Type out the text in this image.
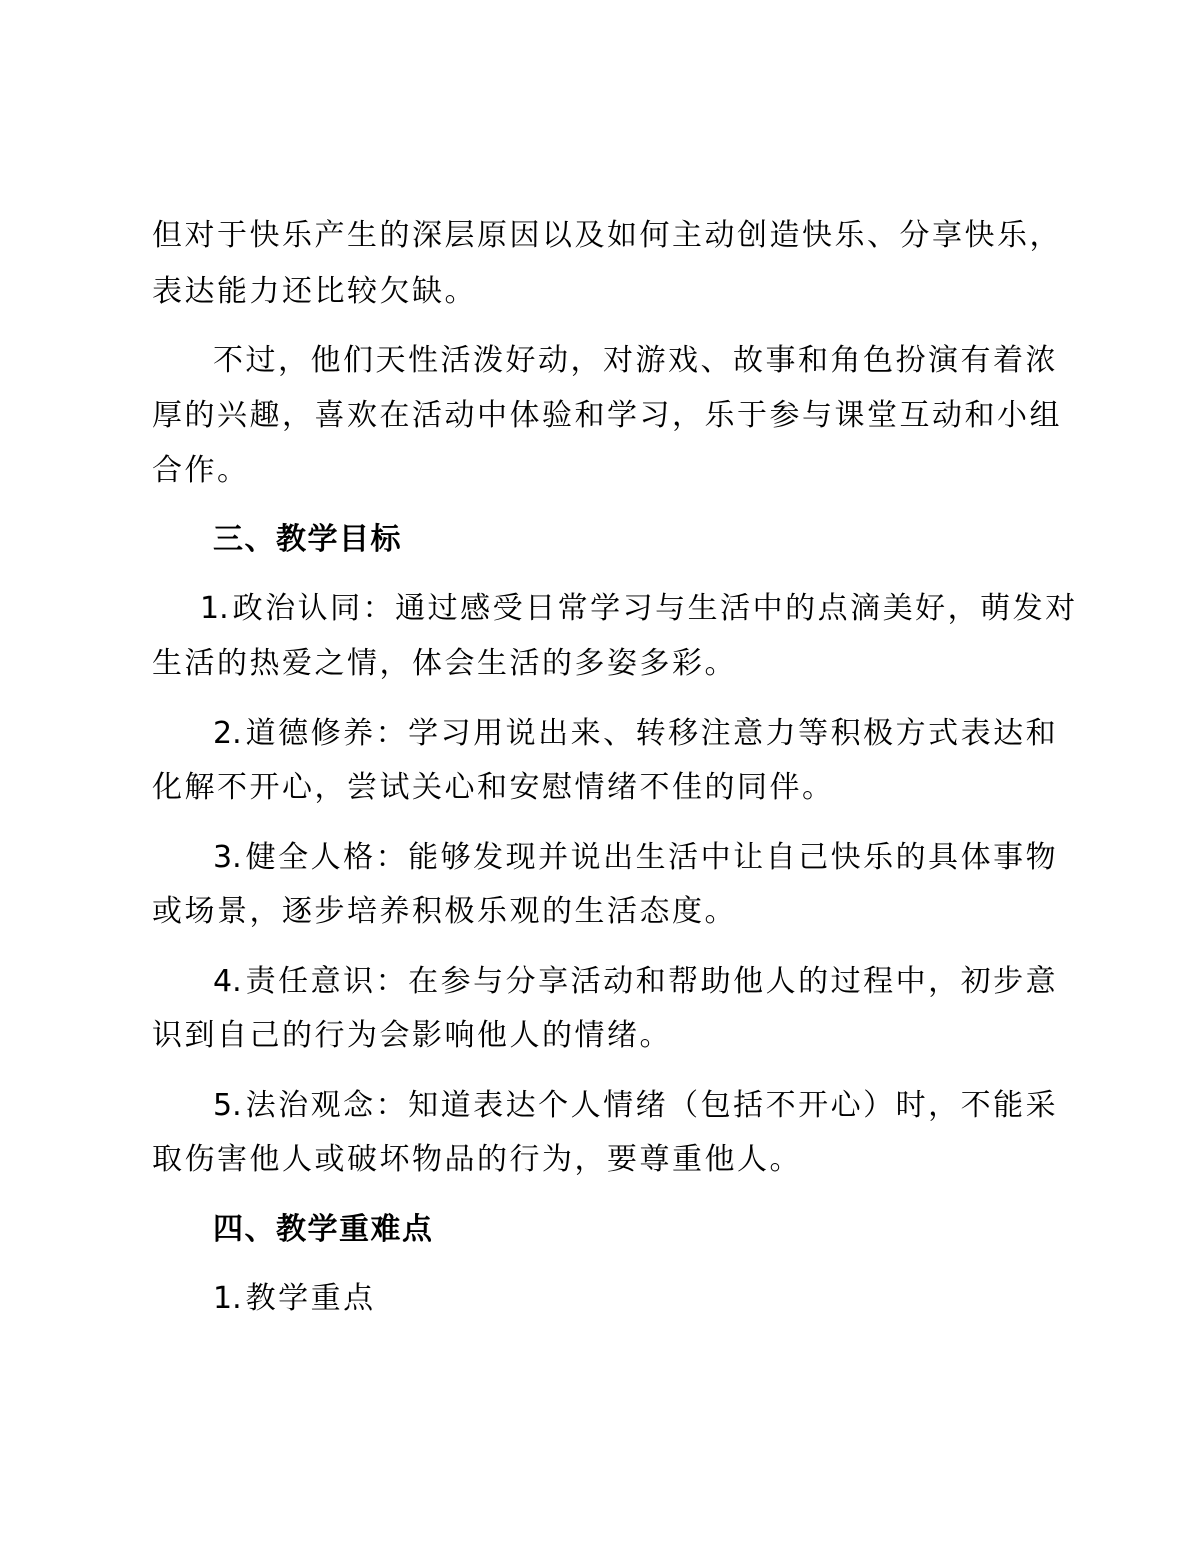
但对于快乐产生的深层原因以及如何主动创造快乐、分享快乐，
表达能力还比较欠缺。
不过，他们天性活泼好动，对游戏、故事和角色扮演有着浓
厚的兴趣，喜欢在活动中体验和学习，乐于参与课堂互动和小组
合作。
三、教学目标
1. 政治认同：通过感受日常学习与生活中的点滴美好，萌发对
生活的热爱之情，体会生活的多姿多彩。
2. 道德修养：学习用说出来、转移注意力等积极方式表达和
化解不开心，尝试关心和安慰情绪不佳的同伴。
3. 健全人格：能够发现并说出生活中让自己快乐的具体事物
或场景，逐步培养积极乐观的生活态度。
4. 责任意识：在参与分享活动和帮助他人的过程中，初步意
识到自己的行为会影响他人的情绪。
5. 法治观念：知道表达个人情绪（包括不开心）时，不能采
取伤害他人或破坏物品的行为，要尊重他人。
四、教学重难点
1. 教学重点
